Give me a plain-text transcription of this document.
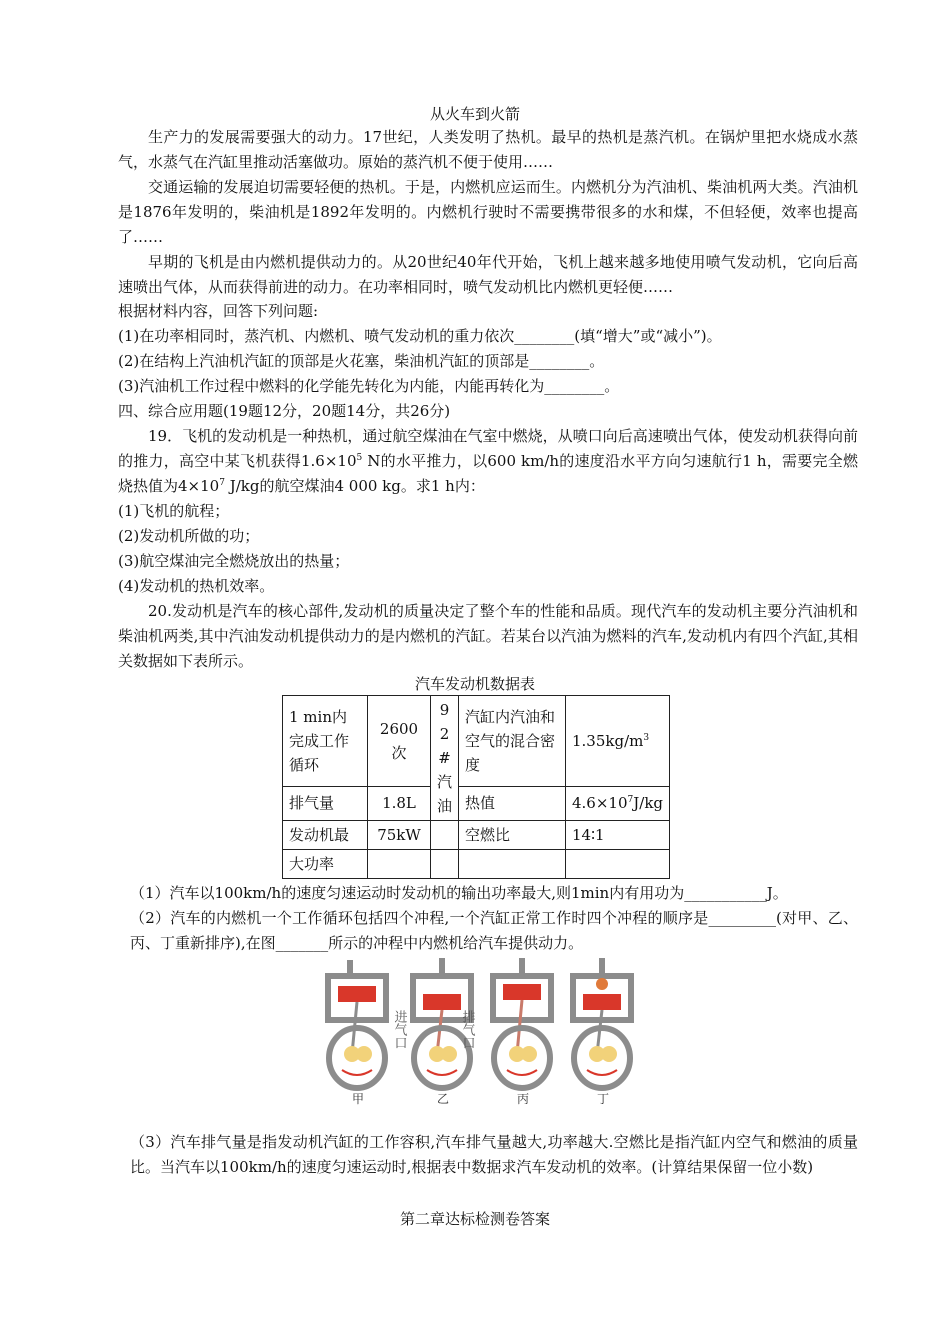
从火车到火箭
生产力的发展需要强大的动力。17世纪，人类发明了热机。最早的热机是蒸汽机。在锅炉里把水烧成水蒸气，水蒸气在汽缸里推动活塞做功。原始的蒸汽机不便于使用……
交通运输的发展迫切需要轻便的热机。于是，内燃机应运而生。内燃机分为汽油机、柴油机两大类。汽油机是1876年发明的，柴油机是1892年发明的。内燃机行驶时不需要携带很多的水和煤，不但轻便，效率也提高了……
早期的飞机是由内燃机提供动力的。从20世纪40年代开始，飞机上越来越多地使用喷气发动机，它向后高速喷出气体，从而获得前进的动力。在功率相同时，喷气发动机比内燃机更轻便……
根据材料内容，回答下列问题:
(1)在功率相同时，蒸汽机、内燃机、喷气发动机的重力依次________(填“增大”或“减小”)。
(2)在结构上汽油机汽缸的顶部是火花塞，柴油机汽缸的顶部是________。
(3)汽油机工作过程中燃料的化学能先转化为内能，内能再转化为________。
四、综合应用题(19题12分，20题14分，共26分)
19．飞机的发动机是一种热机，通过航空煤油在气室中燃烧，从喷口向后高速喷出气体，使发动机获得向前的推力，高空中某飞机获得$1.6\times 10^5$ N的水平推力，以600 km/h的速度沿水平方向匀速航行1 h，需要完全燃烧热值为$4\times 10^7$ J/kg的航空煤油4 000 kg。求1 h内：
(1)飞机的航程；
(2)发动机所做的功；
(3)航空煤油完全燃烧放出的热量；
(4)发动机的热机效率。
20.发动机是汽车的核心部件,发动机的质量决定了整个车的性能和品质。现代汽车的发动机主要分汽油机和柴油机两类,其中汽油发动机提供动力的是内燃机的汽缸。若某台以汽油为燃料的汽车,发动机内有四个汽缸,其相关数据如下表所示。
汽车发动机数据表
1 min内完成工作循环	2600次	92#汽油	汽缸内汽油和空气的混合密度	$1.35kg/m^3$
排气量	1.8L		热值	$4.6\times 10^7J/kg$

发动机最
大功率	75kW		空燃比	14∶1
（1）汽车以100km/h的速度匀速运动时发动机的输出功率最大,则1min内有用功为___________J。
（2）汽车的内燃机一个工作循环包括四个冲程,一个汽缸正常工作时四个冲程的顺序是_________(对甲、乙、丙、丁重新排序),在图_______所示的冲程中内燃机给汽车提供动力。
进气口	排气口
甲	乙	丙	丁
（3）汽车排气量是指发动机汽缸的工作容积,汽车排气量越大,功率越大.空燃比是指汽缸内空气和燃油的质量比。当汽车以100km/h的速度匀速运动时,根据表中数据求汽车发动机的效率。(计算结果保留一位小数)
第二章达标检测卷答案
